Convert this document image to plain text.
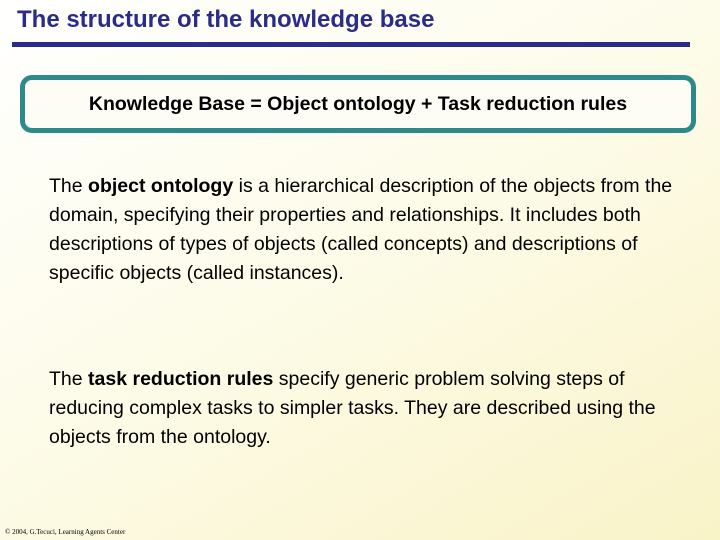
The structure of the knowledge base
Knowledge Base = Object ontology + Task reduction rules

The object ontology is a hierarchical description of the objects from the domain, specifying their properties and relationships. It includes both descriptions of types of objects (called concepts) and descriptions of specific objects (called instances).

The task reduction rules specify generic problem solving steps of reducing complex tasks to simpler tasks. They are described using the objects from the ontology.

© 2004, G.Tecuci, Learning Agents Center
